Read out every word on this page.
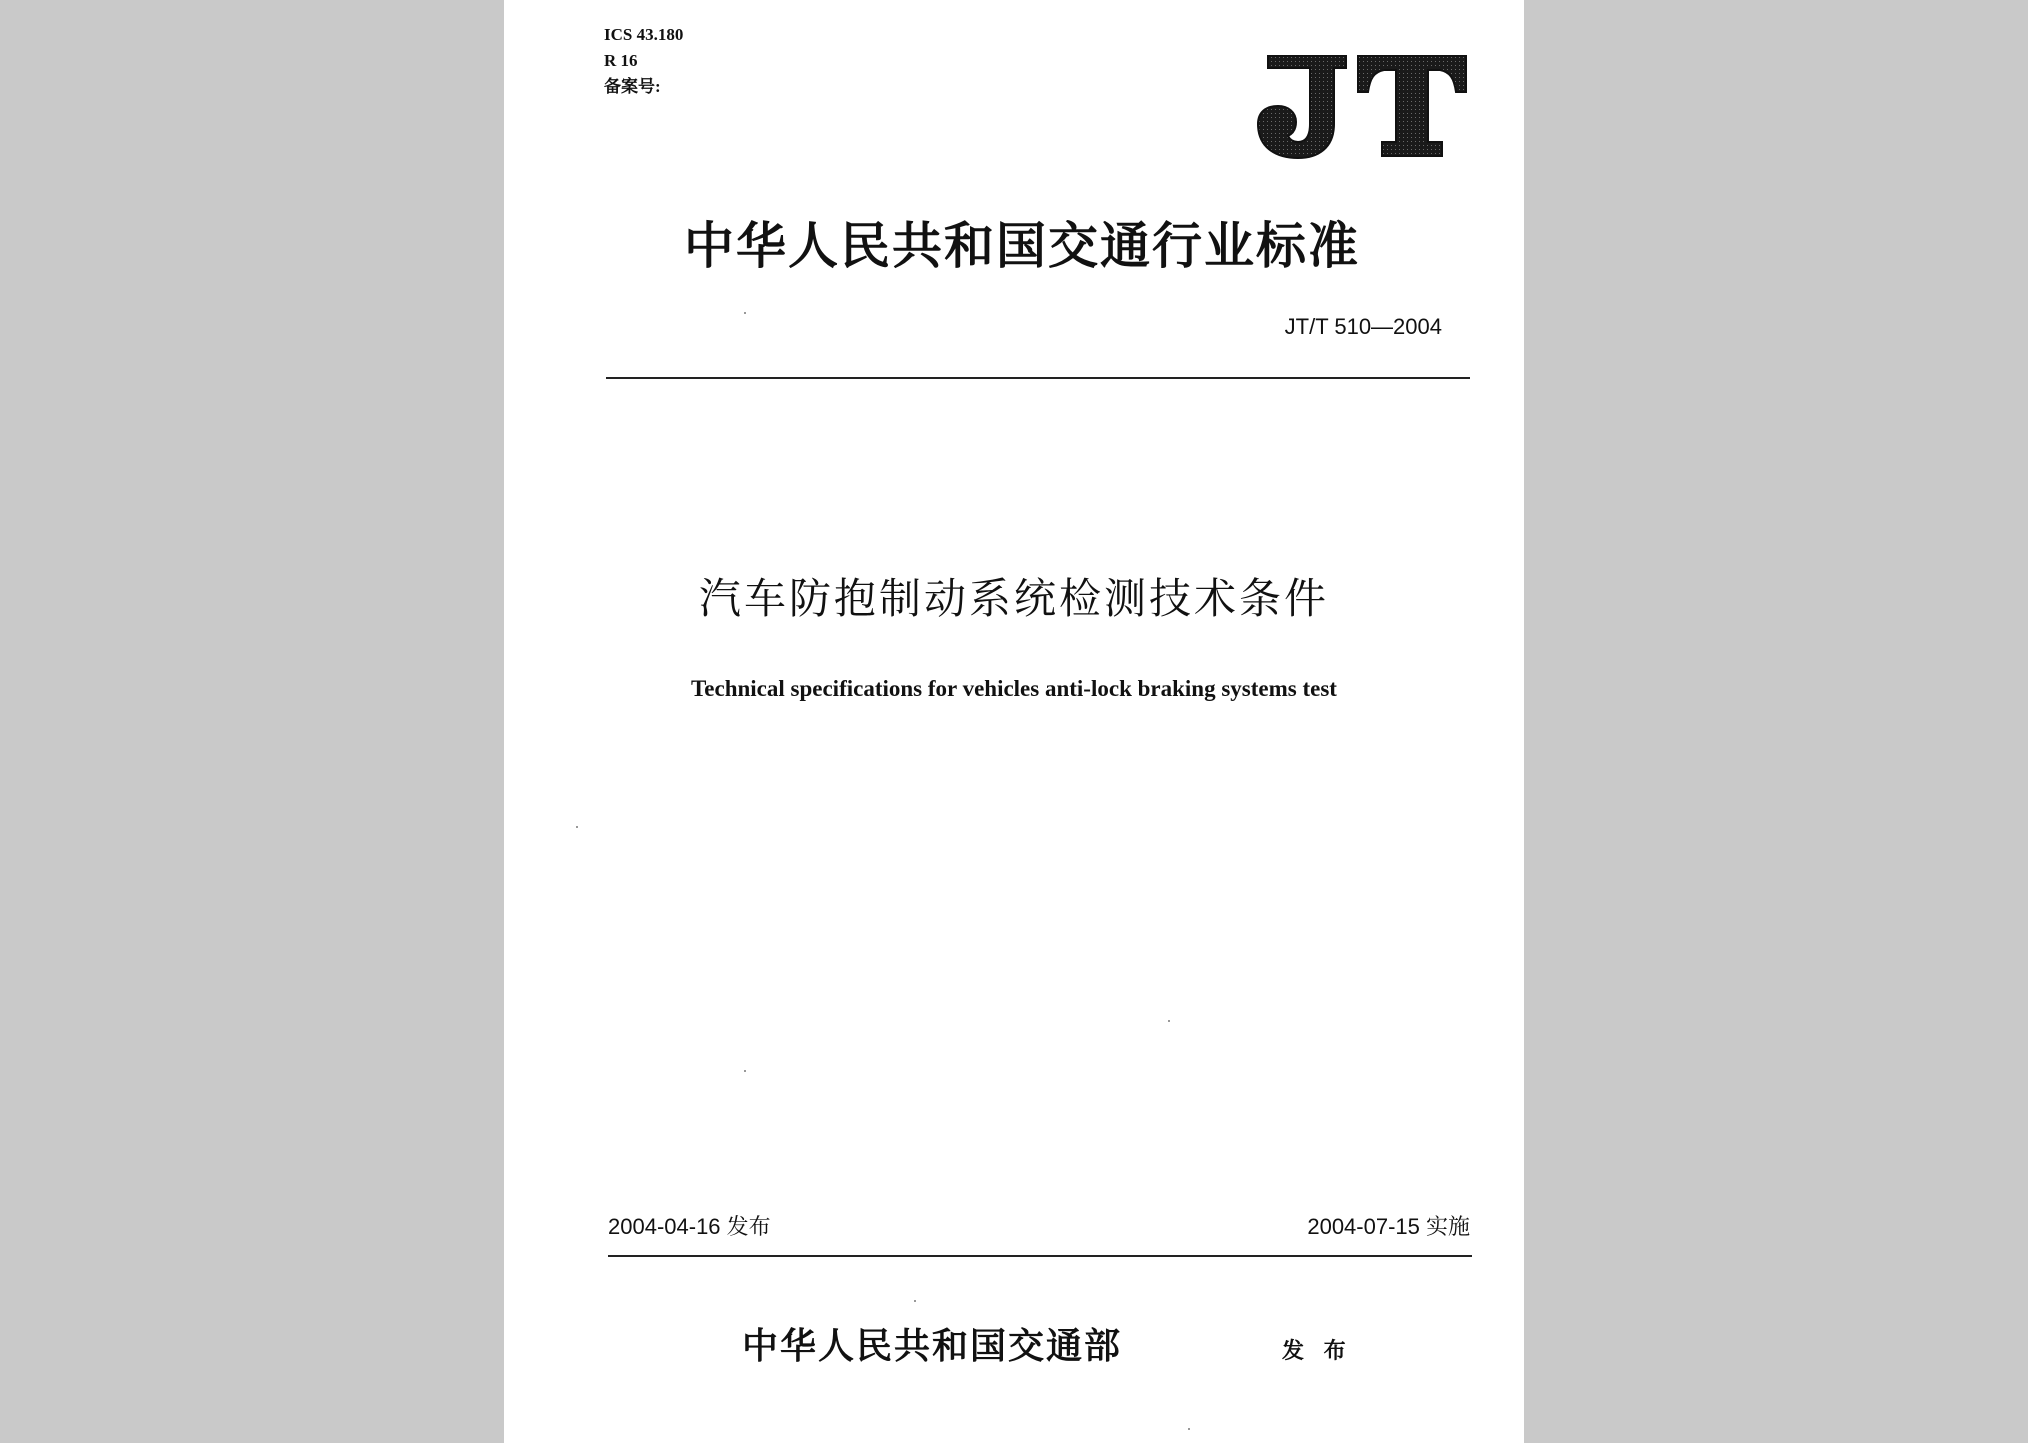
ICS 43.180
R 16
备案号:
JT
中华人民共和国交通行业标准
JT/T 510—2004
汽车防抱制动系统检测技术条件
Technical specifications for vehicles anti-lock braking systems test
2004-04-16 发布	2004-07-15 实施
中华人民共和国交通部	发 布
